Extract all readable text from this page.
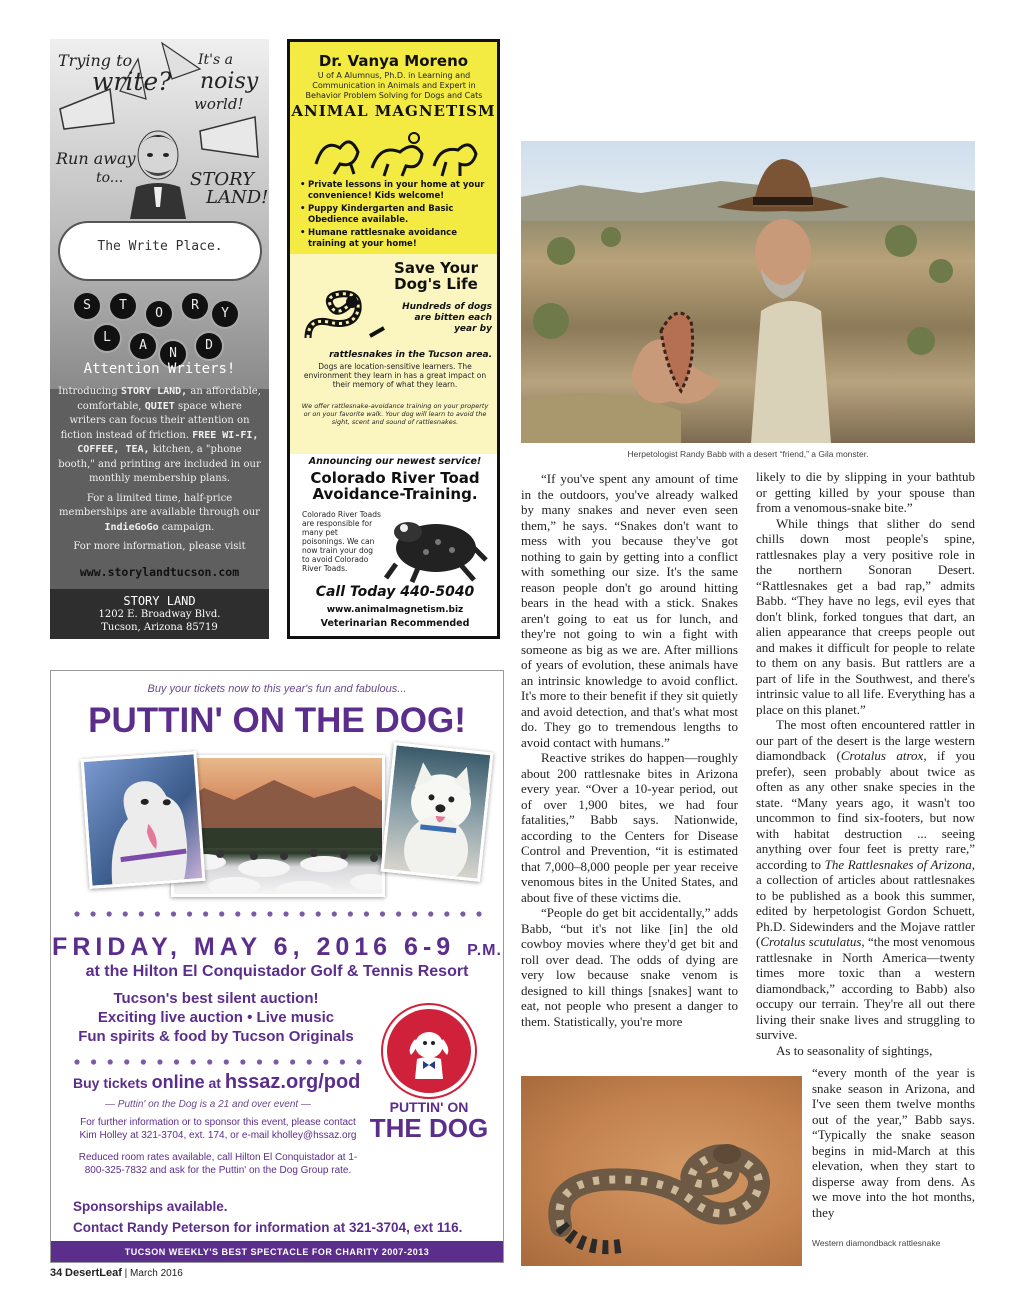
Trying to
write?
It's a
noisy
world!
Run away
to...	STORY
LAND!
The Write Place.
S	T
O
R
Y
L
A
N
D
Attention Writers!

Introducing STORY LAND, an affordable, comfortable, QUIET space where writers can focus their attention on fiction instead of friction. FREE WI-FI, COFFEE, TEA, kitchen, a "phone booth," and printing are included in our monthly membership plans.

For a limited time, half-price memberships are available through our IndieGoGo campaign.

For more information, please visit

www.storylandtucson.com
STORY LAND
1202 E. Broadway Blvd.
Tucson, Arizona 85719
Dr. Vanya Moreno
U of A Alumnus, Ph.D. in Learning and Communication in Animals and Expert in Behavior Problem Solving for Dogs and Cats
ANIMAL MAGNETISM
• Private lessons in your home at your convenience! Kids welcome!
• Puppy Kindergarten and Basic Obedience available.
• Humane rattlesnake avoidance training at your home!
Save Your Dog's Life
Hundreds of dogs are bitten each year by
rattlesnakes in the Tucson area.
Dogs are location-sensitive learners. The environment they learn in has a great impact on their memory of what they learn.
We offer rattlesnake-avoidance training on your property or on your favorite walk. Your dog will learn to avoid the sight, scent and sound of rattlesnakes.
Announcing our newest service!
Colorado River Toad Avoidance-Training.
Colorado River Toads are responsible for many pet poisonings. We can now train your dog to avoid Colorado River Toads.
Call Today 440-5040
www.animalmagnetism.biz
Veterinarian Recommended
Buy your tickets now to this year's fun and fabulous...
PUTTIN' ON THE DOG!
FRIDAY, MAY 6, 2016 6-9 P.M.
at the Hilton El Conquistador Golf & Tennis Resort
Tucson's best silent auction!
Exciting live auction • Live music
Fun spirits & food by Tucson Originals
PUTTIN' ON
THE DOG
Buy tickets online at hssaz.org/pod
— Puttin' on the Dog is a 21 and over event —
For further information or to sponsor this event, please contact Kim Holley at 321-3704, ext. 174, or e-mail kholley@hssaz.org
Reduced room rates available, call Hilton El Conquistador at 1-800-325-7832 and ask for the Puttin' on the Dog Group rate.
Sponsorships available.
Contact Randy Peterson for information at 321-3704, ext 116.
TUCSON WEEKLY'S BEST SPECTACLE FOR CHARITY 2007-2013
Herpetologist Randy Babb with a desert “friend,” a Gila monster.

“If you've spent any amount of time in the outdoors, you've already walked by many snakes and never even seen them,” he says. “Snakes don't want to mess with you because they've got nothing to gain by getting into a conflict with something our size. It's the same reason people don't go around hitting bears in the head with a stick. Snakes aren't going to eat us for lunch, and they're not going to win a fight with someone as big as we are. After millions of years of evolution, these animals have an intrinsic knowledge to avoid conflict. It's more to their benefit if they sit quietly and avoid detection, and that's what most do. They go to tremendous lengths to avoid contact with humans.”

Reactive strikes do happen—roughly about 200 rattlesnake bites in Arizona every year. “Over a 10-year period, out of over 1,900 bites, we had four fatalities,” Babb says. Nationwide, according to the Centers for Disease Control and Prevention, “it is estimated that 7,000–8,000 people per year receive venomous bites in the United States, and about five of these victims die.

“People do get bit accidentally,” adds Babb, “but it's not like [in] the old cowboy movies where they'd get bit and roll over dead. The odds of dying are very low because snake venom is designed to kill things [snakes] want to eat, not people who present a danger to them. Statistically, you're more

likely to die by slipping in your bathtub or getting killed by your spouse than from a venomous-snake bite.”

While things that slither do send chills down most people's spine, rattlesnakes play a very positive role in the northern Sonoran Desert. “Rattlesnakes get a bad rap,” admits Babb. “They have no legs, evil eyes that don't blink, forked tongues that dart, an alien appearance that creeps people out and makes it difficult for people to relate to them on any basis. But rattlers are a part of life in the Southwest, and there's intrinsic value to all life. Everything has a place on this planet.”

The most often encountered rattler in our part of the desert is the large western diamondback (Crotalus atrox, if you prefer), seen probably about twice as often as any other snake species in the state. “Many years ago, it wasn't too uncommon to find six-footers, but now with habitat destruction ... seeing anything over four feet is pretty rare,” according to The Rattlesnakes of Arizona, a collection of articles about rattlesnakes to be published as a book this summer, edited by herpetologist Gordon Schuett, Ph.D. Sidewinders and the Mojave rattler (Crotalus scutulatus, “the most venomous rattlesnake in North America—twenty times more toxic than a western diamondback,” according to Babb) also occupy our terrain. They're all out there living their snake lives and struggling to survive.

As to seasonality of sightings,

“every month of the year is snake season in Arizona, and I've seen them twelve months out of the year,” Babb says. “Typically the snake season begins in mid-March at this elevation, when they start to disperse away from dens. As we move into the hot months, they

Western diamondback rattlesnake
34 DesertLeaf | March 2016
